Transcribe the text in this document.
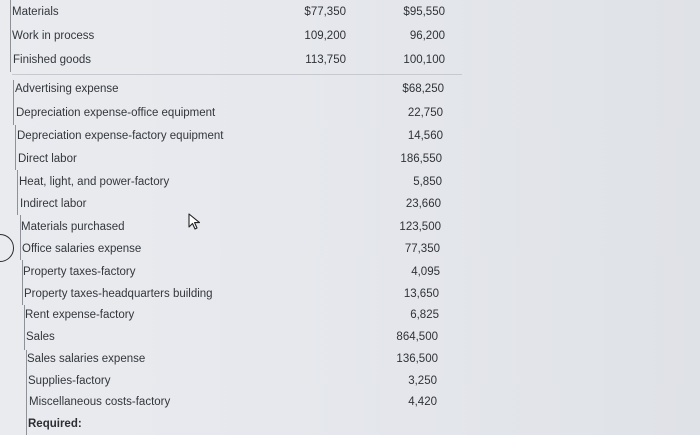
Materials	$77,350	$95,550
Work in process	109,200	96,200
Finished goods	113,750	100,100
Advertising expense	$68,250
Depreciation expense-office equipment	22,750
Depreciation expense-factory equipment	14,560
Direct labor	186,550
Heat, light, and power-factory	5,850
Indirect labor	23,660
Materials purchased	123,500
Office salaries expense	77,350
Property taxes-factory	4,095
Property taxes-headquarters building	13,650
Rent expense-factory	6,825
Sales	864,500
Sales salaries expense	136,500
Supplies-factory	3,250
Miscellaneous costs-factory	4,420
Required:
